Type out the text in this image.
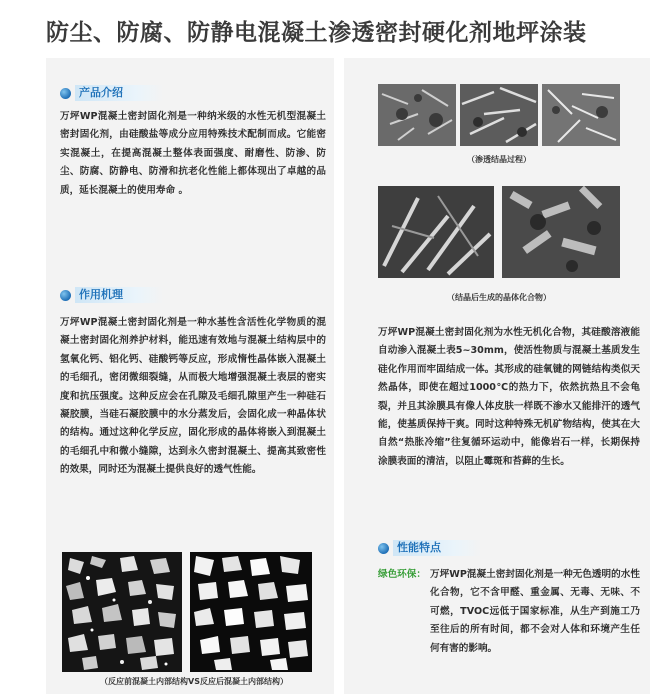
防尘、防腐、防静电混凝土渗透密封硬化剂地坪涂装
产品介绍

万坪WP混凝土密封固化剂是一种纳米级的水性无机型混凝土密封固化剂，由硅酸盐等成分应用特殊技术配制而成。它能密实混凝土，在提高混凝土整体表面强度、耐磨性、防渗、防尘、防腐、防静电、防滑和抗老化性能上都体现出了卓越的品质，延长混凝土的使用寿命 。

作用机理

万坪WP混凝土密封固化剂是一种水基性含活性化学物质的混凝土密封固化剂养护材料，能迅速有效地与混凝土结构层中的氢氧化钙、铝化钙、硅酸钙等反应，形成惰性晶体嵌入混凝土的毛细孔，密闭微细裂缝，从而极大地增强混凝土表层的密实度和抗压强度。这种反应会在孔隙及毛细孔隙里产生一种硅石凝胶膜，当硅石凝胶膜中的水分蒸发后，会固化成一种晶体状的结构。通过这种化学反应，固化形成的晶体将嵌入到混凝土的毛细孔中和微小缝隙，达到永久密封混凝土、提高其致密性的效果，同时还为混凝土提供良好的透气性能。

（反应前混凝土内部结构VS反应后混凝土内部结构）
（渗透结晶过程）
（结晶后生成的晶体化合物）

万坪WP混凝土密封固化剂为水性无机化合物，其硅酸溶液能自动渗入混凝土表5~30mm，使活性物质与混凝土基质发生硅化作用而牢固结成一体。其形成的硅氧键的网链结构类似天然晶体，即使在超过1000℃的热力下，依然抗热且不会龟裂，并且其涂膜具有像人体皮肤一样既不渗水又能排汗的透气能，使基质保持干爽。同时这种特殊无机矿物结构，使其在大自然“热胀冷缩”往复循环运动中，能像岩石一样，长期保持涂膜表面的清洁，以阻止霉斑和苔藓的生长。

性能特点
绿色环保： 万坪WP混凝土密封固化剂是一种无色透明的水性化合物，它不含甲醛、重金属、无毒、无味、不可燃，TVOC远低于国家标准，从生产到施工乃至往后的所有时间，都不会对人体和环境产生任何有害的影响。
